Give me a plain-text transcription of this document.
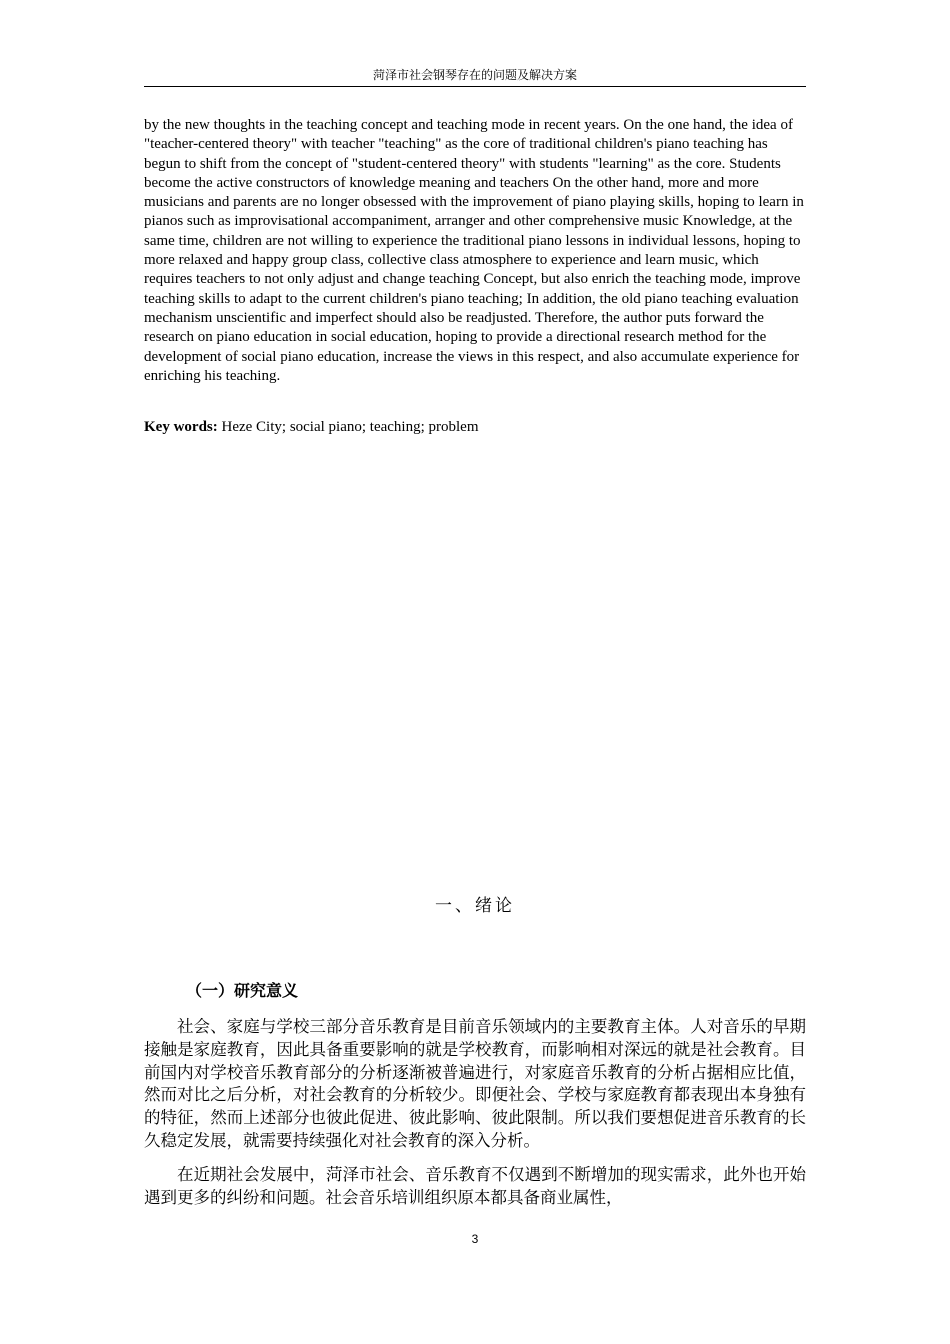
菏泽市社会钢琴存在的问题及解决方案

by the new thoughts in the teaching concept and teaching mode in recent years. On the one hand, the idea of "teacher-centered theory" with teacher "teaching" as the core of traditional children's piano teaching has begun to shift from the concept of "student-centered theory" with students "learning" as the core. Students become the active constructors of knowledge meaning and teachers On the other hand, more and more musicians and parents are no longer obsessed with the improvement of piano playing skills, hoping to learn in pianos such as improvisational accompaniment, arranger and other comprehensive music Knowledge, at the same time, children are not willing to experience the traditional piano lessons in individual lessons, hoping to more relaxed and happy group class, collective class atmosphere to experience and learn music, which requires teachers to not only adjust and change teaching Concept, but also enrich the teaching mode, improve teaching skills to adapt to the current children's piano teaching; In addition, the old piano teaching evaluation mechanism unscientific and imperfect should also be readjusted. Therefore, the author puts forward the research on piano education in social education, hoping to provide a directional research method for the development of social piano education, increase the views in this respect, and also accumulate experience for enriching his teaching.

Key words: Heze City; social piano; teaching; problem

一、绪论
（一）研究意义

社会、家庭与学校三部分音乐教育是目前音乐领域内的主要教育主体。人对音乐的早期接触是家庭教育，因此具备重要影响的就是学校教育，而影响相对深远的就是社会教育。目前国内对学校音乐教育部分的分析逐渐被普遍进行，对家庭音乐教育的分析占据相应比值，然而对比之后分析，对社会教育的分析较少。即便社会、学校与家庭教育都表现出本身独有的特征，然而上述部分也彼此促进、彼此影响、彼此限制。所以我们要想促进音乐教育的长久稳定发展，就需要持续强化对社会教育的深入分析。

在近期社会发展中，菏泽市社会、音乐教育不仅遇到不断增加的现实需求，此外也开始遇到更多的纠纷和问题。社会音乐培训组织原本都具备商业属性，

3
